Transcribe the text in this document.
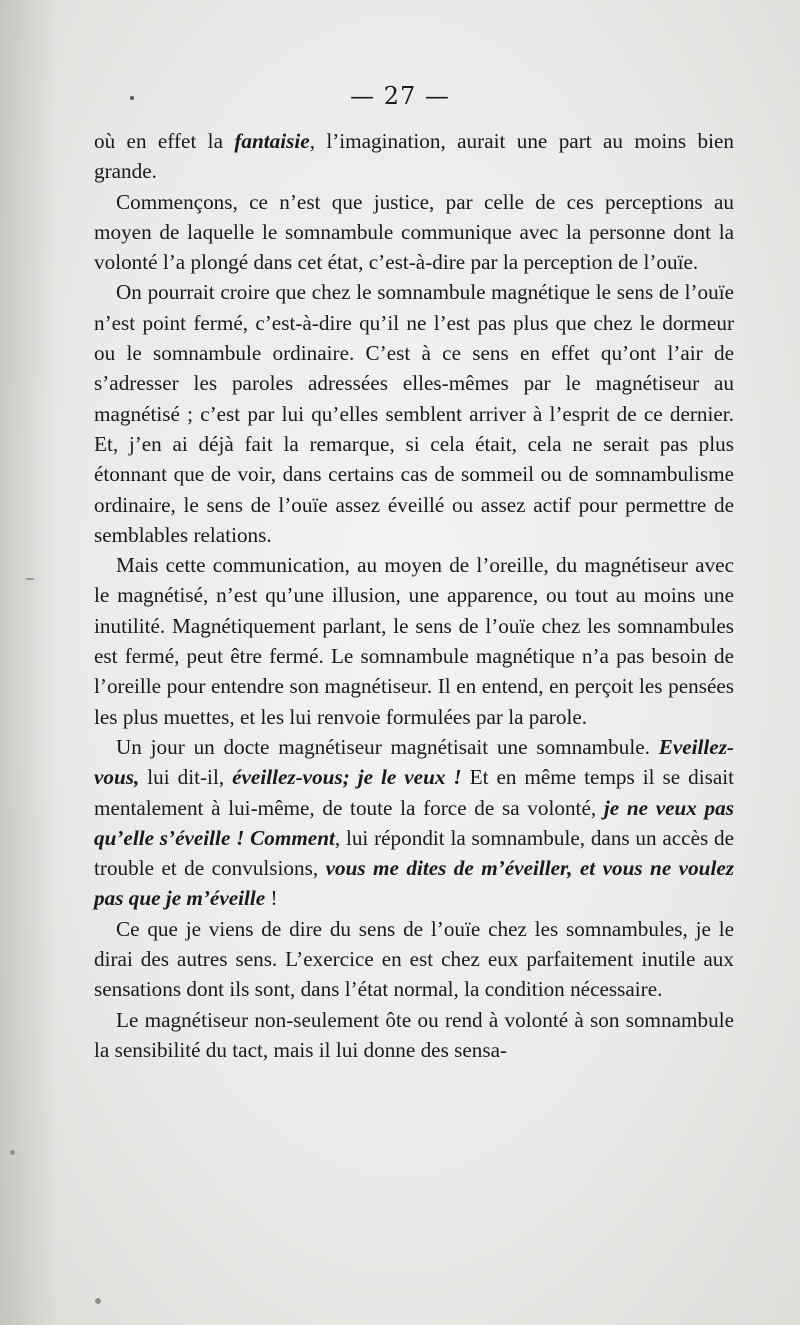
— 27 —

où en effet la fantaisie, l’imagination, aurait une part au moins bien grande.

Commençons, ce n’est que justice, par celle de ces perceptions au moyen de laquelle le somnambule communique avec la personne dont la volonté l’a plongé dans cet état, c’est-à-dire par la perception de l’ouïe.

On pourrait croire que chez le somnambule magnétique le sens de l’ouïe n’est point fermé, c’est-à-dire qu’il ne l’est pas plus que chez le dormeur ou le somnambule ordinaire. C’est à ce sens en effet qu’ont l’air de s’adresser les paroles adressées elles-mêmes par le magnétiseur au magnétisé ; c’est par lui qu’elles semblent arriver à l’esprit de ce dernier. Et, j’en ai déjà fait la remarque, si cela était, cela ne serait pas plus étonnant que de voir, dans certains cas de sommeil ou de somnambulisme ordinaire, le sens de l’ouïe assez éveillé ou assez actif pour permettre de semblables relations.

Mais cette communication, au moyen de l’oreille, du magnétiseur avec le magnétisé, n’est qu’une illusion, une apparence, ou tout au moins une inutilité. Magnétiquement parlant, le sens de l’ouïe chez les somnambules est fermé, peut être fermé. Le somnambule magnétique n’a pas besoin de l’oreille pour entendre son magnétiseur. Il en entend, en perçoit les pensées les plus muettes, et les lui renvoie formulées par la parole.

Un jour un docte magnétiseur magnétisait une somnambule. Eveillez-vous, lui dit-il, éveillez-vous; je le veux ! Et en même temps il se disait mentalement à lui-même, de toute la force de sa volonté, je ne veux pas qu’elle s’éveille ! Comment, lui répondit la somnambule, dans un accès de trouble et de convulsions, vous me dites de m’éveiller, et vous ne voulez pas que je m’éveille !

Ce que je viens de dire du sens de l’ouïe chez les somnambules, je le dirai des autres sens. L’exercice en est chez eux parfaitement inutile aux sensations dont ils sont, dans l’état normal, la condition nécessaire.

Le magnétiseur non-seulement ôte ou rend à volonté à son somnambule la sensibilité du tact, mais il lui donne des sensa-
